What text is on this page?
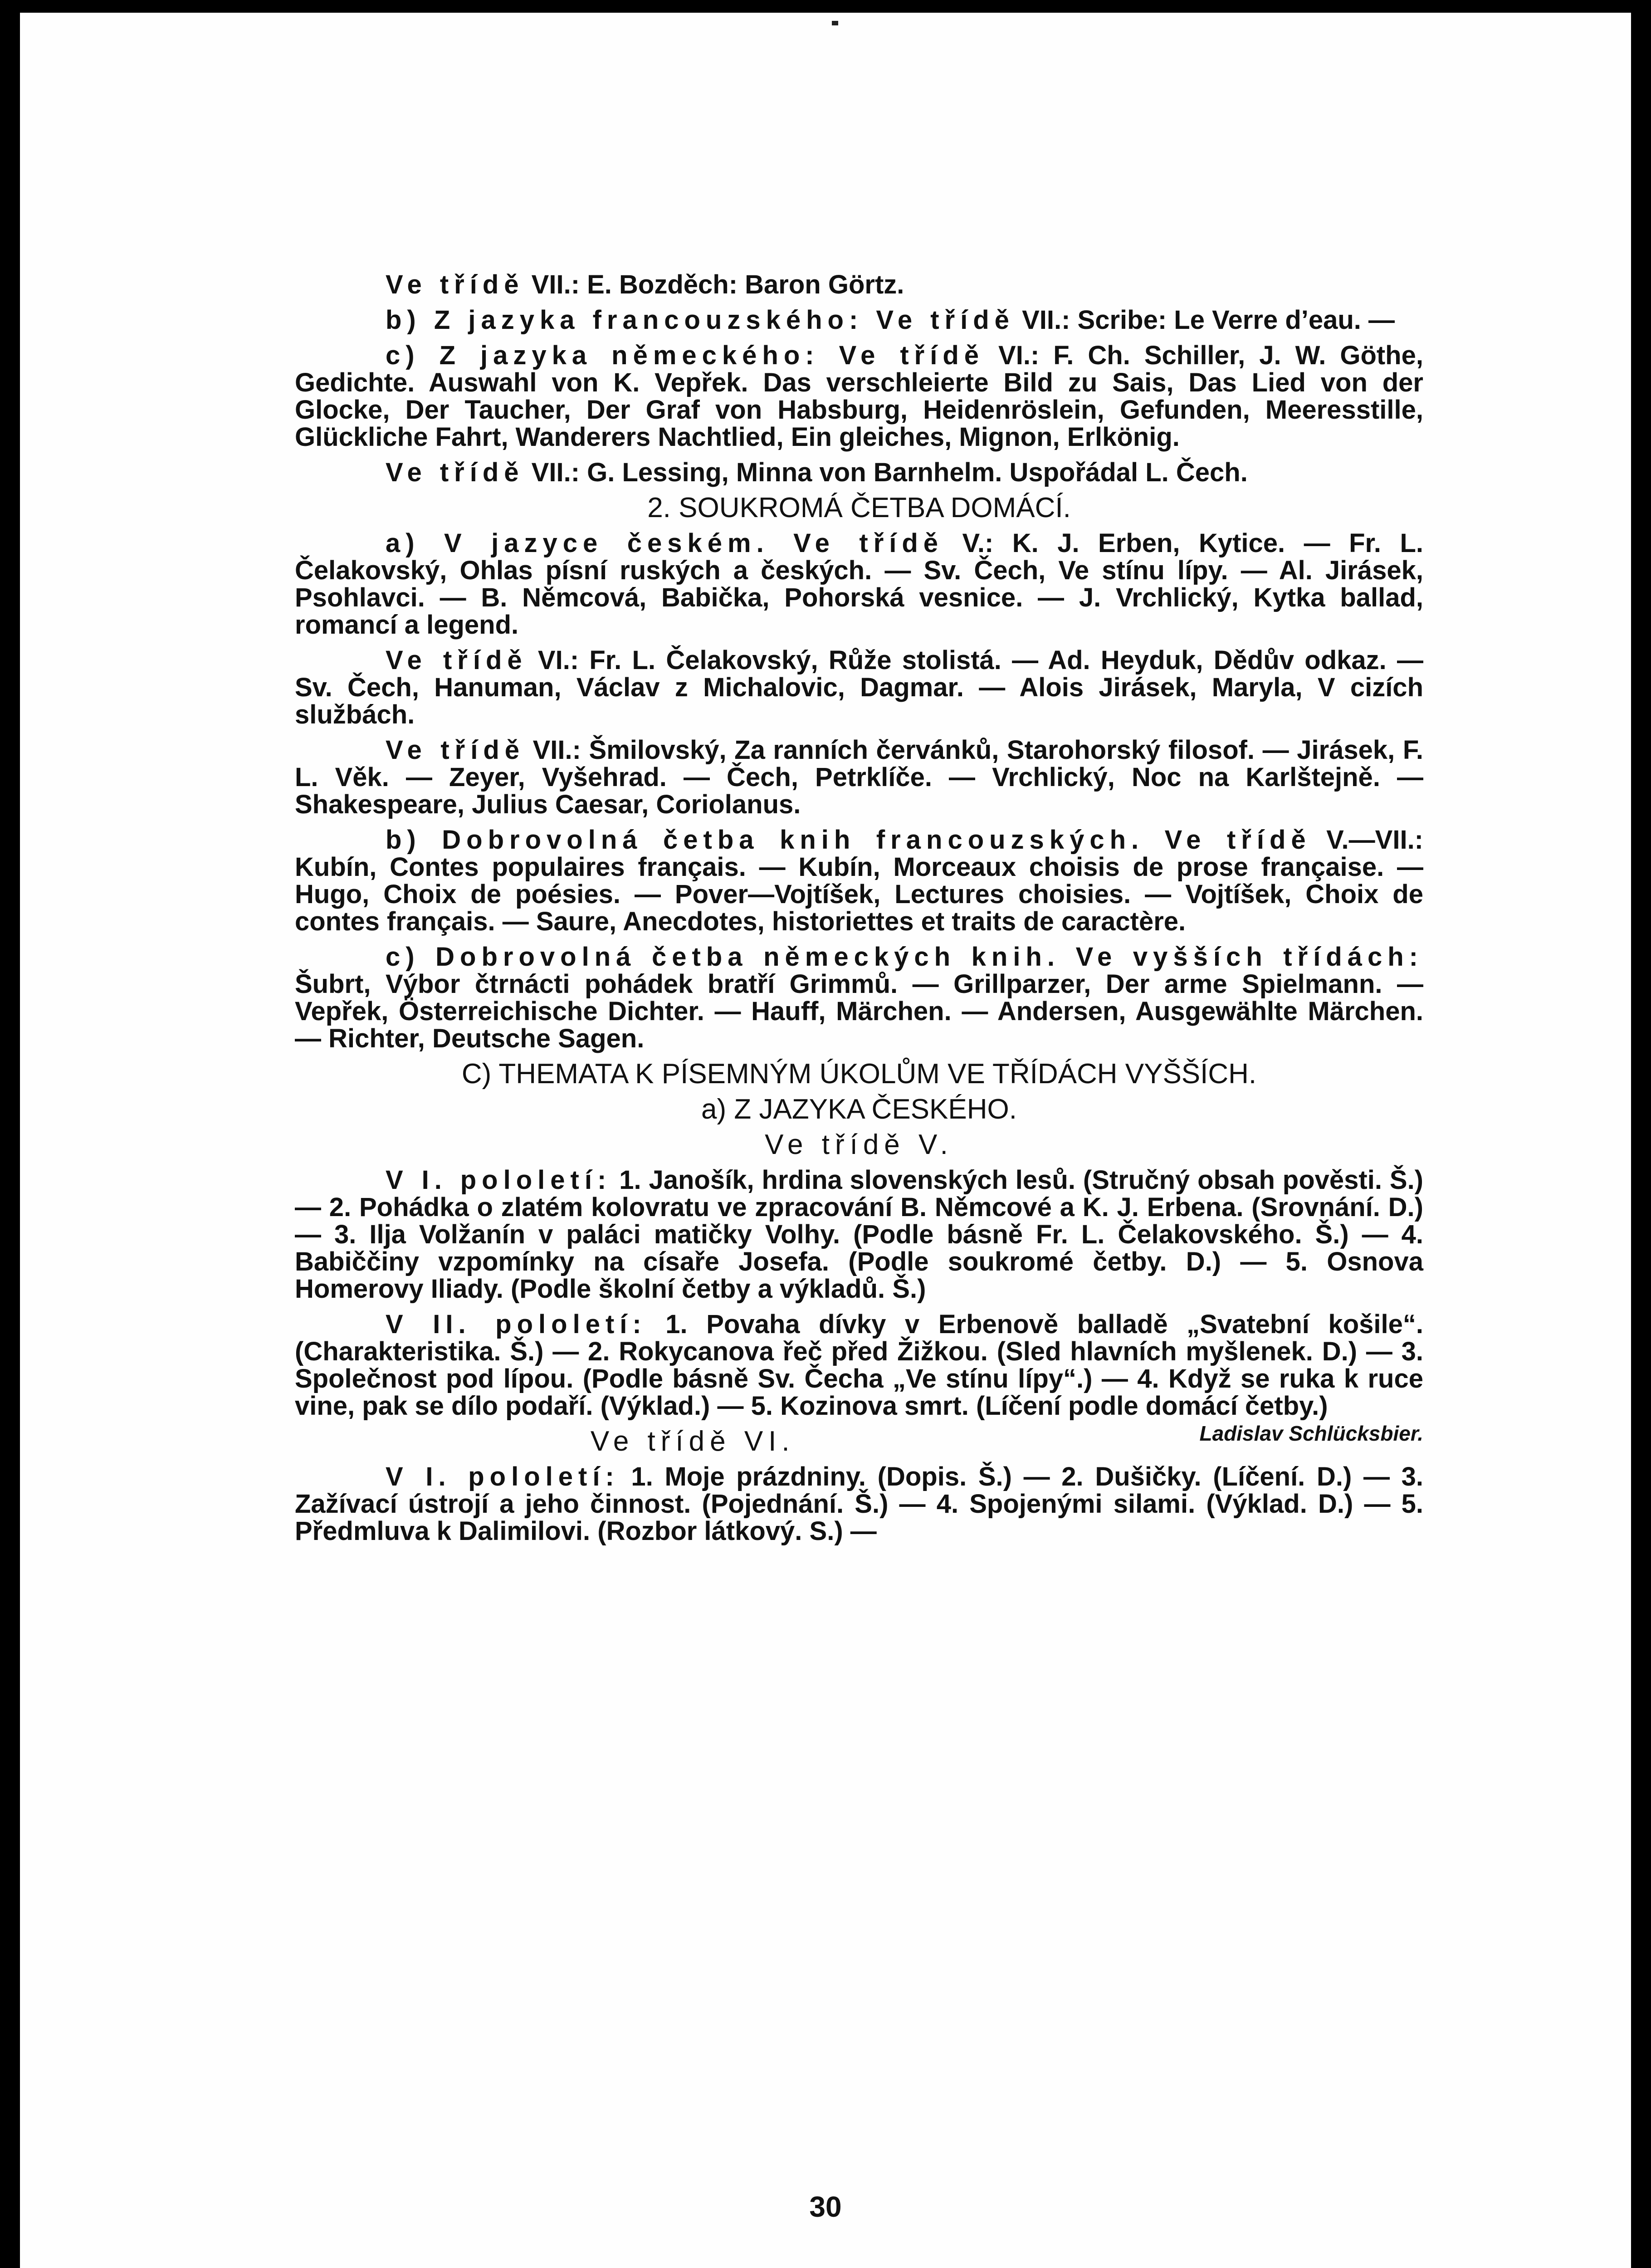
Ve třídě VII.: E. Bozděch: Baron Görtz.

b) Z jazyka francouzského: Ve třídě VII.: Scribe: Le Verre d’eau. —

c) Z jazyka německého: Ve třídě VI.: F. Ch. Schiller, J. W. Göthe, Gedichte. Auswahl von K. Vepřek. Das verschleierte Bild zu Sais, Das Lied von der Glocke, Der Taucher, Der Graf von Habsburg, Heidenröslein, Gefunden, Meeresstille, Glückliche Fahrt, Wanderers Nachtlied, Ein gleiches, Mignon, Erlkönig.

Ve třídě VII.: G. Lessing, Minna von Barnhelm. Uspořádal L. Čech.

2. SOUKROMÁ ČETBA DOMÁCÍ.

a) V jazyce českém. Ve třídě V.: K. J. Erben, Kytice. — Fr. L. Čelakovský, Ohlas písní ruských a českých. — Sv. Čech, Ve stínu lípy. — Al. Jirásek, Psohlavci. — B. Němcová, Babička, Pohorská vesnice. — J. Vrchlický, Kytka ballad, romancí a legend.

Ve třídě VI.: Fr. L. Čelakovský, Růže stolistá. — Ad. Heyduk, Dědův odkaz. — Sv. Čech, Hanuman, Václav z Michalovic, Dagmar. — Alois Jirásek, Maryla, V cizích službách.

Ve třídě VII.: Šmilovský, Za ranních červánků, Starohorský filosof. — Jirásek, F. L. Věk. — Zeyer, Vyšehrad. — Čech, Petrklíče. — Vrchlický, Noc na Karlštejně. — Shakespeare, Julius Caesar, Coriolanus.

b) Dobrovolná četba knih francouzských. Ve třídě V.—VII.: Kubín, Contes populaires français. — Kubín, Morceaux choisis de prose française. — Hugo, Choix de poésies. — Pover—Vojtíšek, Lectures choisies. — Vojtíšek, Choix de contes français. — Saure, Anecdotes, historiettes et traits de caractère.

c) Dobrovolná četba německých knih. Ve vyšších třídách: Šubrt, Výbor čtrnácti pohádek bratří Grimmů. — Grillparzer, Der arme Spielmann. — Vepřek, Österreichische Dichter. — Hauff, Märchen. — Andersen, Ausgewählte Märchen. — Richter, Deutsche Sagen.

C) THEMATA K PÍSEMNÝM ÚKOLŮM VE TŘÍDÁCH VYŠŠÍCH.

a) Z JAZYKA ČESKÉHO.

Ve třídě V.

V I. pololetí: 1. Janošík, hrdina slovenských lesů. (Stručný obsah pověsti. Š.) — 2. Pohádka o zlatém kolovratu ve zpracování B. Němcové a K. J. Erbena. (Srovnání. D.) — 3. Ilja Volžanín v paláci matičky Volhy. (Podle básně Fr. L. Čelakovského. Š.) — 4. Babiččiny vzpomínky na císaře Josefa. (Podle soukromé četby. D.) — 5. Osnova Homerovy Iliady. (Podle školní četby a výkladů. Š.)

V II. pololetí: 1. Povaha dívky v Erbenově balladě „Svatební košile“. (Charakteristika. Š.) — 2. Rokycanova řeč před Žižkou. (Sled hlavních myšlenek. D.) — 3. Společnost pod lípou. (Podle básně Sv. Čecha „Ve stínu lípy“.) — 4. Když se ruka k ruce vine, pak se dílo podaří. (Výklad.) — 5. Kozinova smrt. (Líčení podle domácí četby.)
Ladislav Schlücksbier.

Ve třídě VI.

V I. pololetí: 1. Moje prázdniny. (Dopis. Š.) — 2. Dušičky. (Líčení. D.) — 3. Zažívací ústrojí a jeho činnost. (Pojednání. Š.) — 4. Spojenými silami. (Výklad. D.) — 5. Předmluva k Dalimilovi. (Rozbor látkový. S.) —

30
